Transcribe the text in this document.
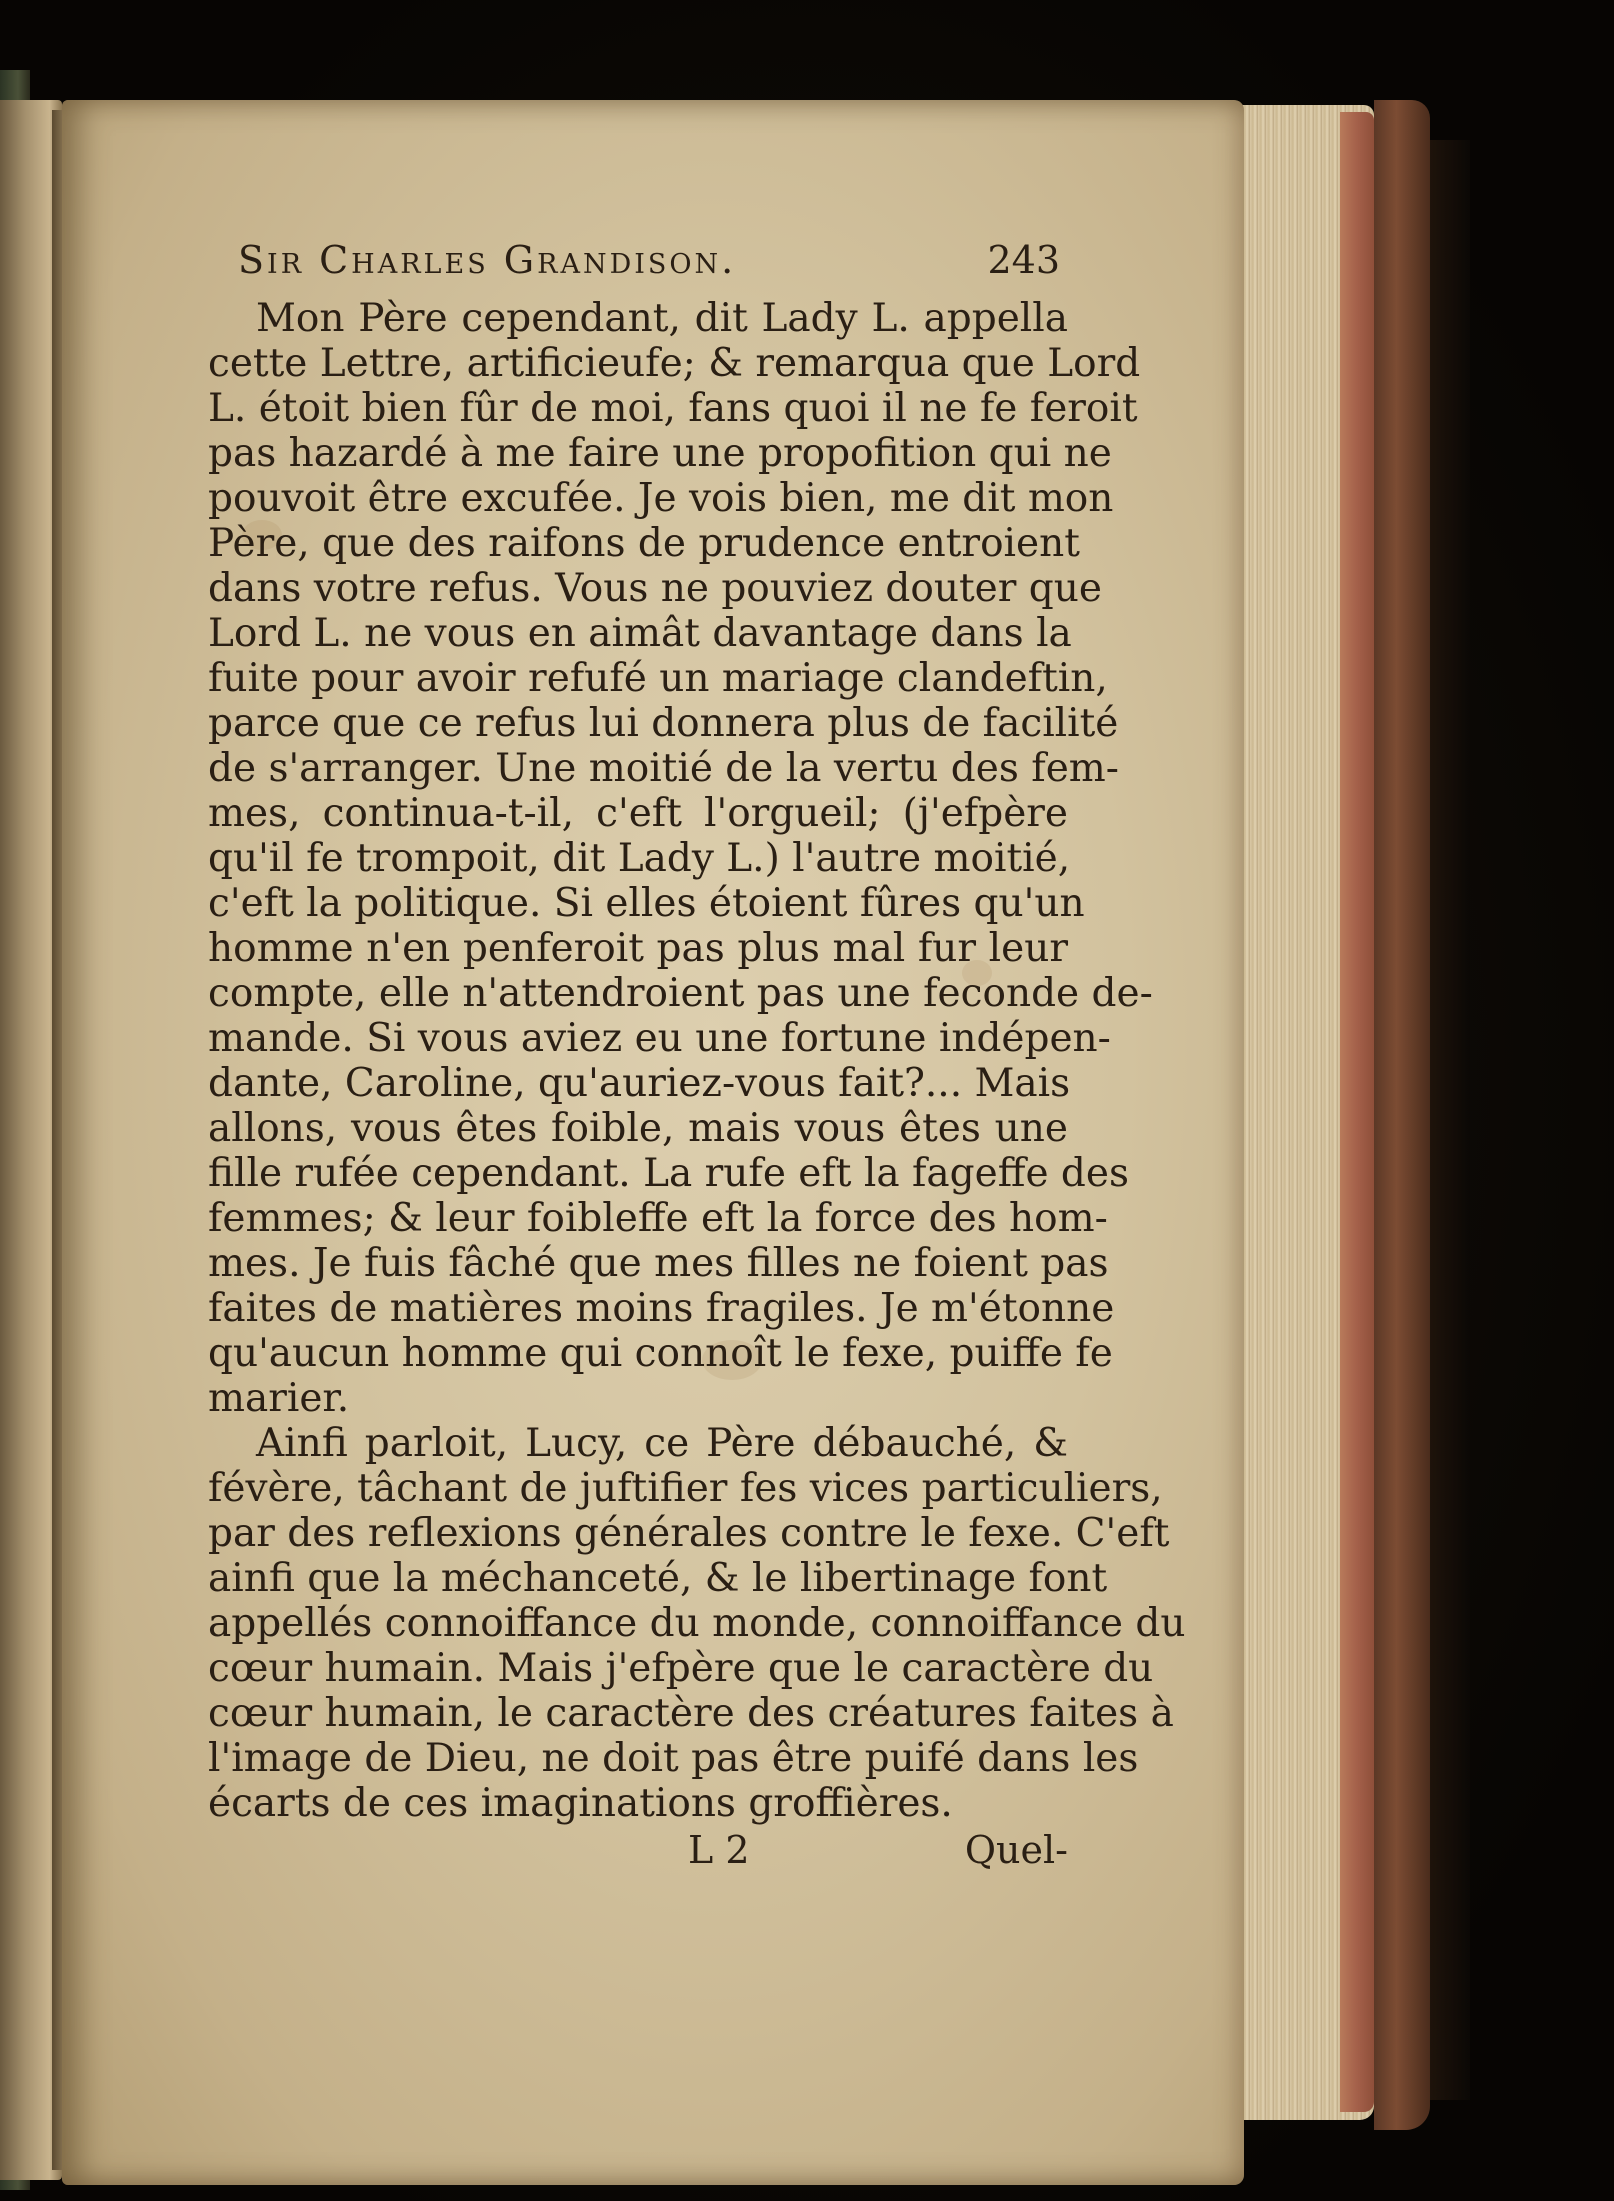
Sir Charles Grandison.	243
Mon Père cependant, dit Lady L. appella
cette Lettre, artificieufe; & remarqua que Lord
L. étoit bien fûr de moi, fans quoi il ne fe feroit
pas hazardé à me faire une propofition qui ne
pouvoit être excufée. Je vois bien, me dit mon
Père, que des raifons de prudence entroient
dans votre refus. Vous ne pouviez douter que
Lord L. ne vous en aimât davantage dans la
fuite pour avoir refufé un mariage clandeftin,
parce que ce refus lui donnera plus de facilité
de s'arranger. Une moitié de la vertu des fem-
mes, continua-t-il, c'eft l'orgueil; (j'efpère
qu'il fe trompoit, dit Lady L.) l'autre moitié,
c'eft la politique. Si elles étoient fûres qu'un
homme n'en penferoit pas plus mal fur leur
compte, elle n'attendroient pas une feconde de-
mande. Si vous aviez eu une fortune indépen-
dante, Caroline, qu'auriez-vous fait?... Mais
allons, vous êtes foible, mais vous êtes une
fille rufée cependant. La rufe eft la fageffe des
femmes; & leur foibleffe eft la force des hom-
mes. Je fuis fâché que mes filles ne foient pas
faites de matières moins fragiles. Je m'étonne
qu'aucun homme qui connoît le fexe, puiffe fe
marier.
Ainfi parloit, Lucy, ce Père débauché, &
févère, tâchant de juftifier fes vices particuliers,
par des reflexions générales contre le fexe. C'eft
ainfi que la méchanceté, & le libertinage font
appellés connoiffance du monde, connoiffance du
cœur humain. Mais j'efpère que le caractère du
cœur humain, le caractère des créatures faites à
l'image de Dieu, ne doit pas être puifé dans les
écarts de ces imaginations groffières.
L 2	Quel-
